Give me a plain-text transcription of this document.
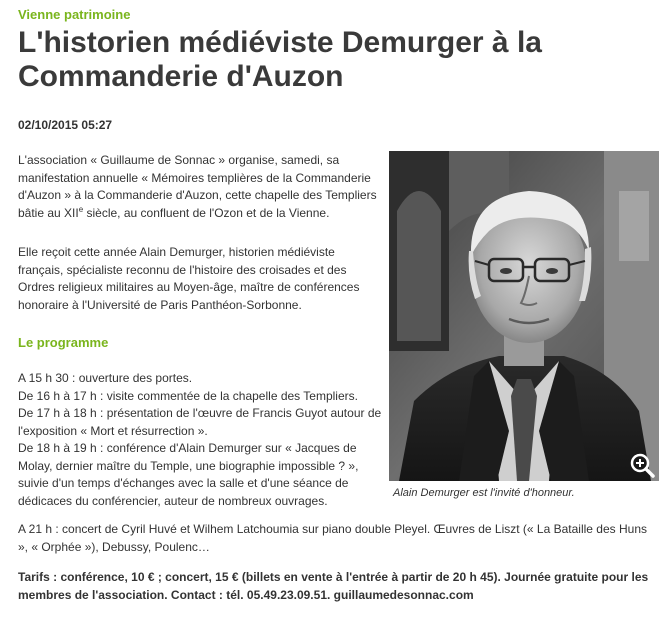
Vienne patrimoine
L'historien médiéviste Demurger à la Commanderie d'Auzon
02/10/2015 05:27

L'association « Guillaume de Sonnac » organise, samedi, sa manifestation annuelle « Mémoires templières de la Commanderie d'Auzon » à la Commanderie d'Auzon, cette chapelle des Templiers bâtie au XIIe siècle, au confluent de l'Ozon et de la Vienne.

Elle reçoit cette année Alain Demurger, historien médiéviste français, spécialiste reconnu de l'histoire des croisades et des Ordres religieux militaires au Moyen-âge, maître de conférences honoraire à l'Université de Paris Panthéon-Sorbonne.

Le programme
A 15 h 30 : ouverture des portes.
De 16 h à 17 h : visite commentée de la chapelle des Templiers.
De 17 h à 18 h : présentation de l'œuvre de Francis Guyot autour de l'exposition « Mort et résurrection ».
De 18 h à 19 h : conférence d'Alain Demurger sur « Jacques de Molay, dernier maître du Temple, une biographie impossible ? », suivie d'un temps d'échanges avec la salle et d'une séance de dédicaces du conférencier, auteur de nombreux ouvrages.
A 21 h : concert de Cyril Huvé et Wilhem Latchoumia sur piano double Pleyel. Œuvres de Liszt (« La Bataille des Huns », « Orphée »), Debussy, Poulenc…
Tarifs : conférence, 10 € ; concert, 15 € (billets en vente à l'entrée à partir de 20 h 45). Journée gratuite pour les membres de l'association. Contact : tél. 05.49.23.09.51. guillaumedesonnac.com
Alain Demurger est l'invité d'honneur.
